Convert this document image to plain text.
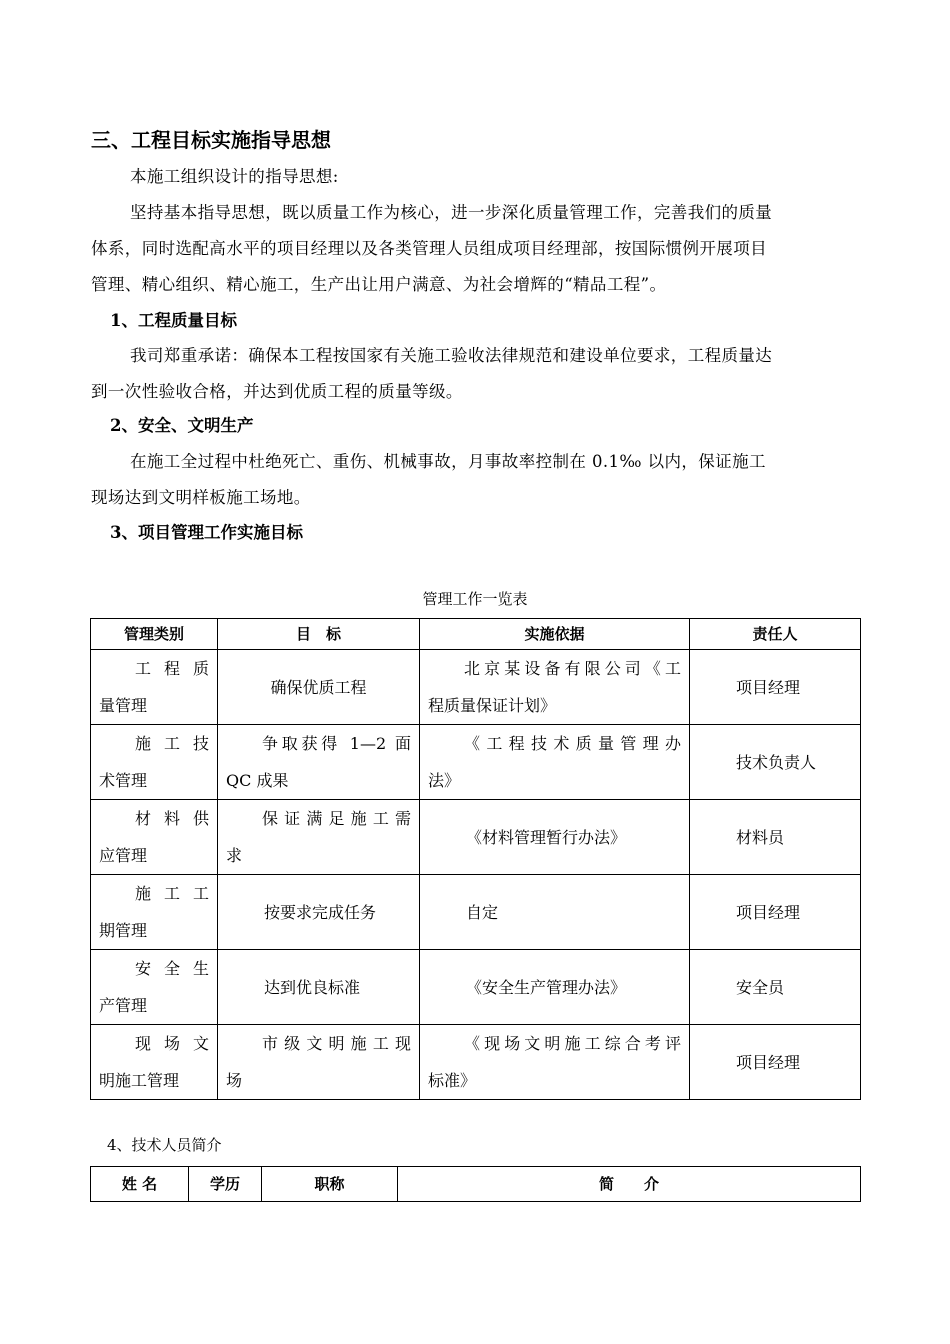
三、工程目标实施指导思想
本施工组织设计的指导思想:
坚持基本指导思想，既以质量工作为核心，进一步深化质量管理工作，完善我们的质量
体系，同时选配高水平的项目经理以及各类管理人员组成项目经理部，按国际惯例开展项目
管理、精心组织、精心施工，生产出让用户满意、为社会增辉的“精品工程”。
1、工程质量目标
我司郑重承诺：确保本工程按国家有关施工验收法律规范和建设单位要求，工程质量达
到一次性验收合格，并达到优质工程的质量等级。
2、安全、文明生产
在施工全过程中杜绝死亡、重伤、机械事故，月事故率控制在 0.1‰ 以内，保证施工
现场达到文明样板施工场地。
3、项目管理工作实施目标
管理工作一览表
管理类别	目　标	实施依据	责任人

工 程 质
量管理	确保优质工程	北京某设备有限公司《工
程质量保证计划》	项目经理

施 工 技
术管理	争取获得 1—2 面
QC 成果	《工程技术质量管理办
法》	技术负责人

材 料 供
应管理	保证满足施工需
求	《材料管理暂行办法》	材料员

施 工 工
期管理	按要求完成任务	自定	项目经理

安 全 生
产管理	达到优良标准	《安全生产管理办法》	安全员

现 场 文
明施工管理	市级文明施工现
场	《现场文明施工综合考评
标准》	项目经理
4、技术人员简介
姓 名	学历	职称	简　　介
